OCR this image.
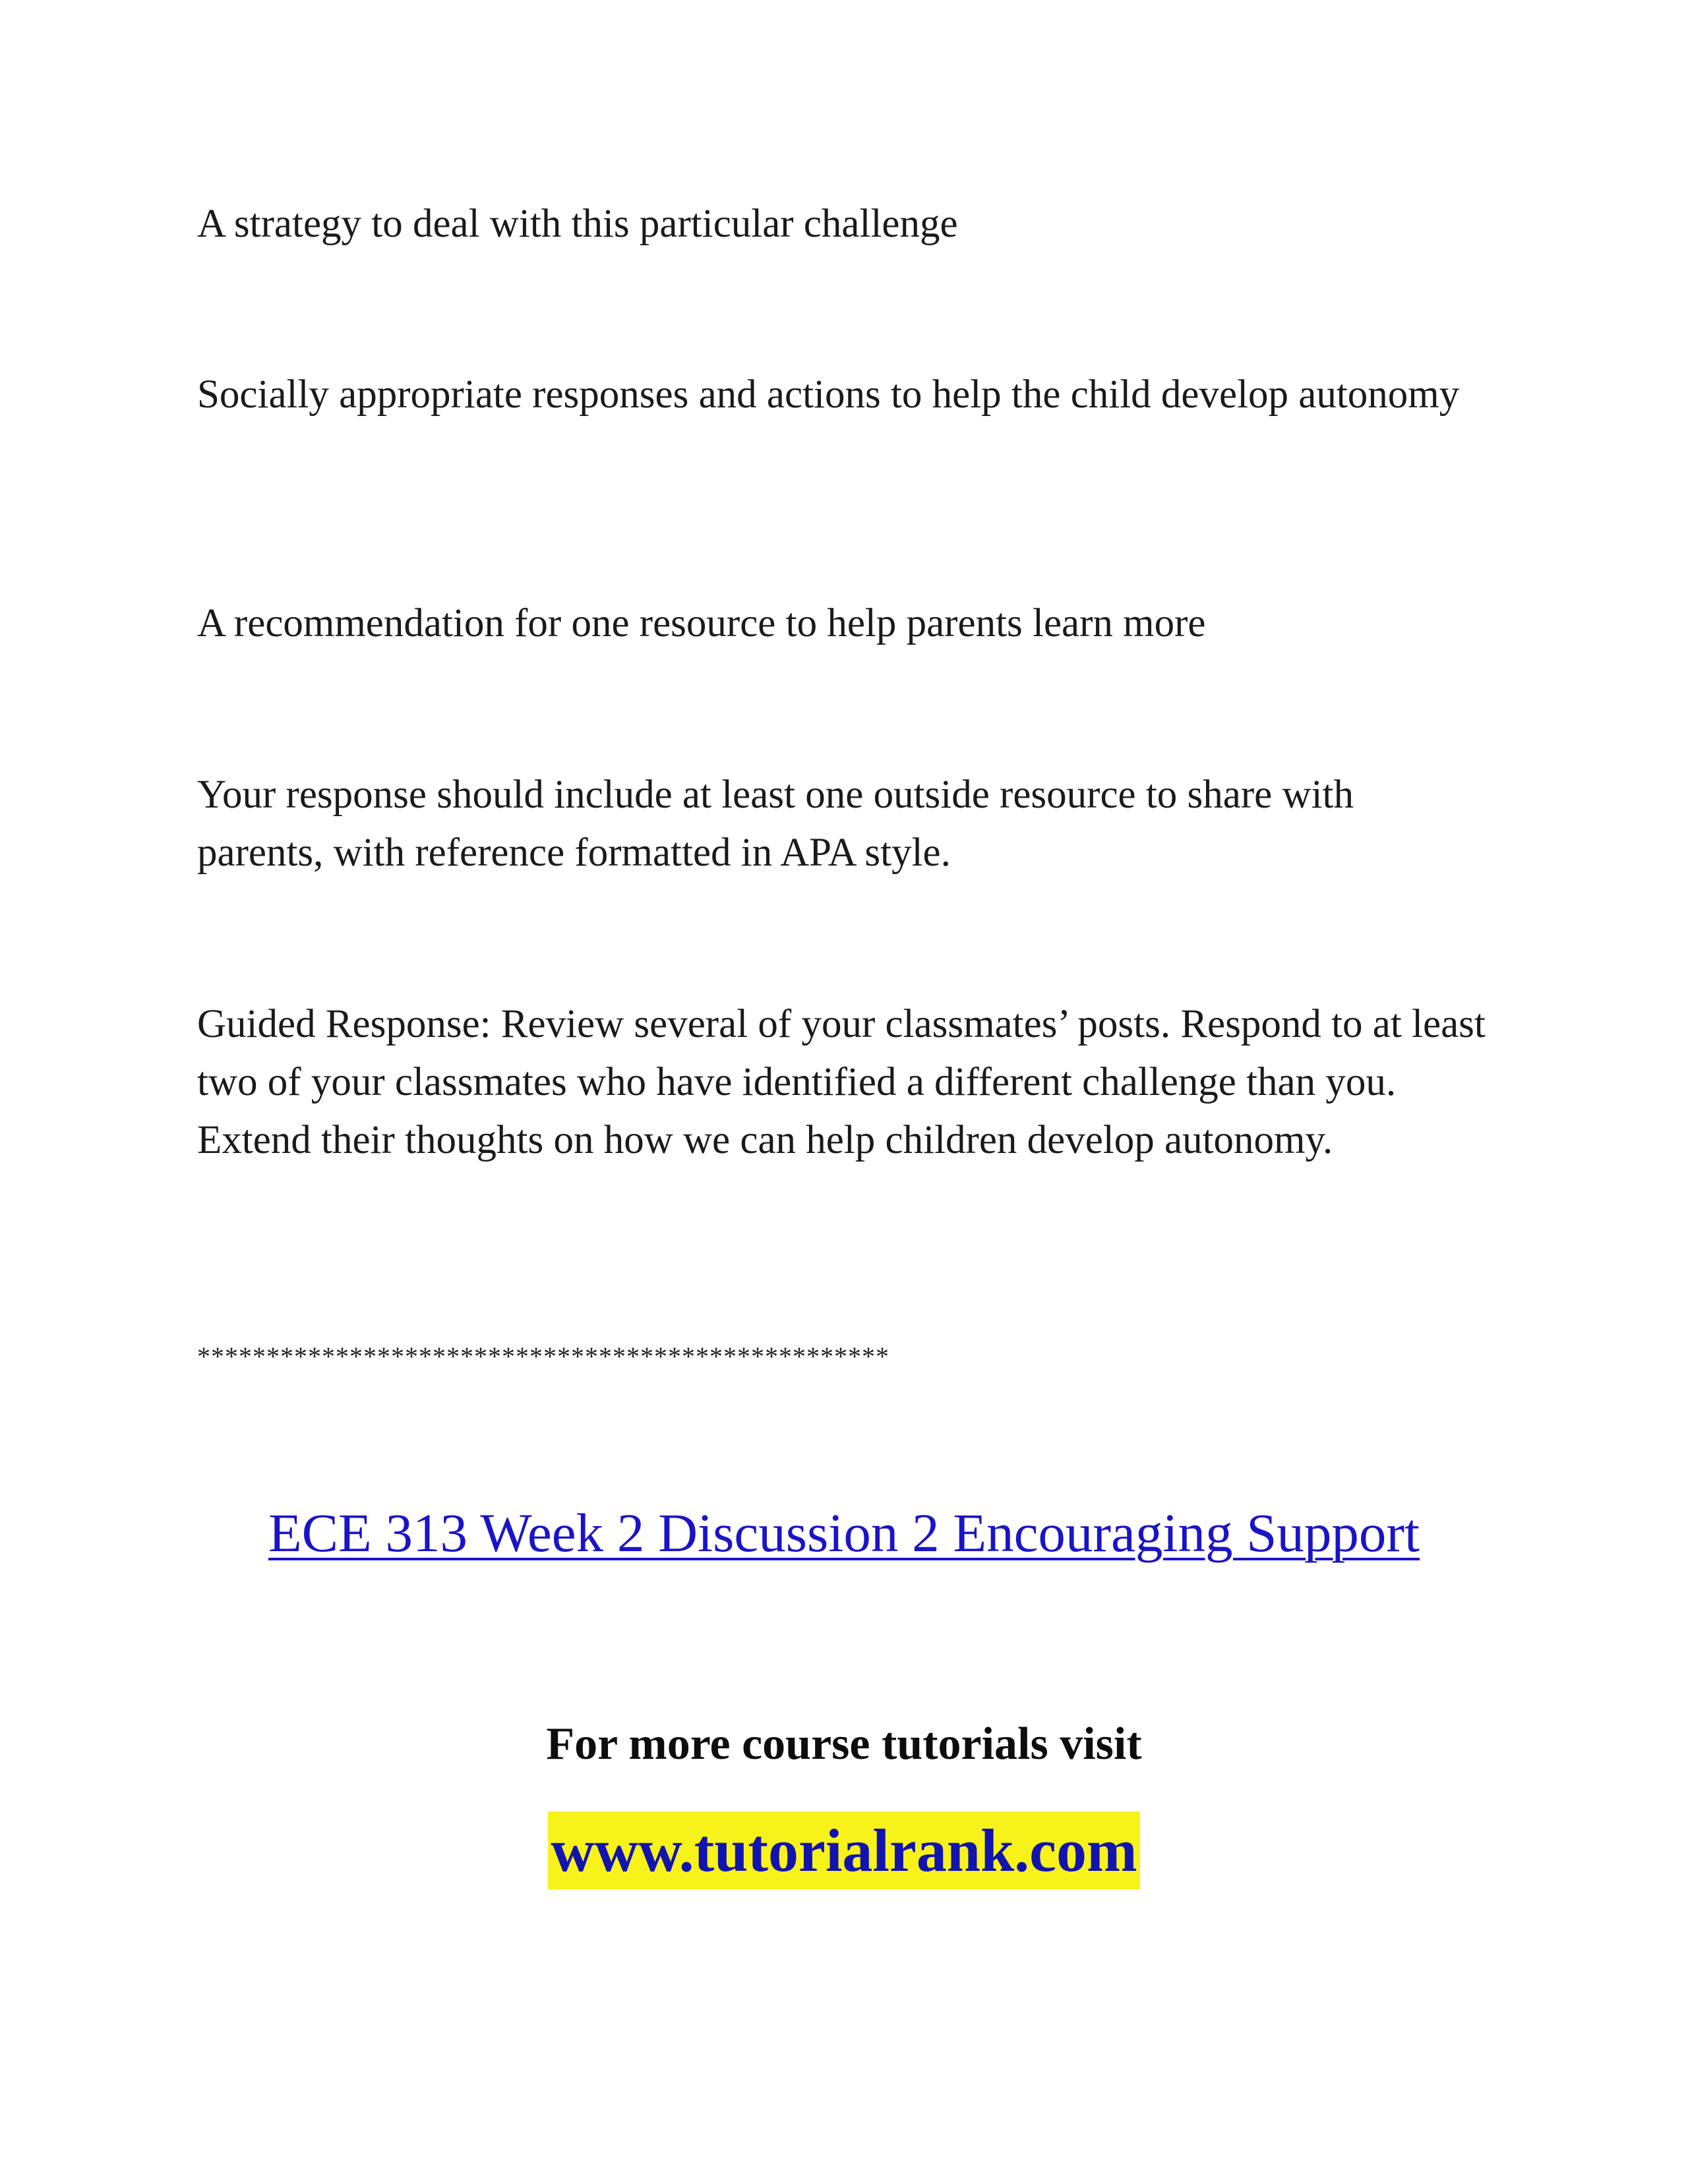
A strategy to deal with this particular challenge

Socially appropriate responses and actions to help the child develop autonomy

A recommendation for one resource to help parents learn more

Your response should include at least one outside resource to share with parents, with reference formatted in APA style.

Guided Response: Review several of your classmates’ posts. Respond to at least two of your classmates who have identified a different challenge than you. Extend their thoughts on how we can help children develop autonomy.

**************************************************

ECE 313 Week 2 Discussion 2 Encouraging Support

For more course tutorials visit

www.tutorialrank.com
